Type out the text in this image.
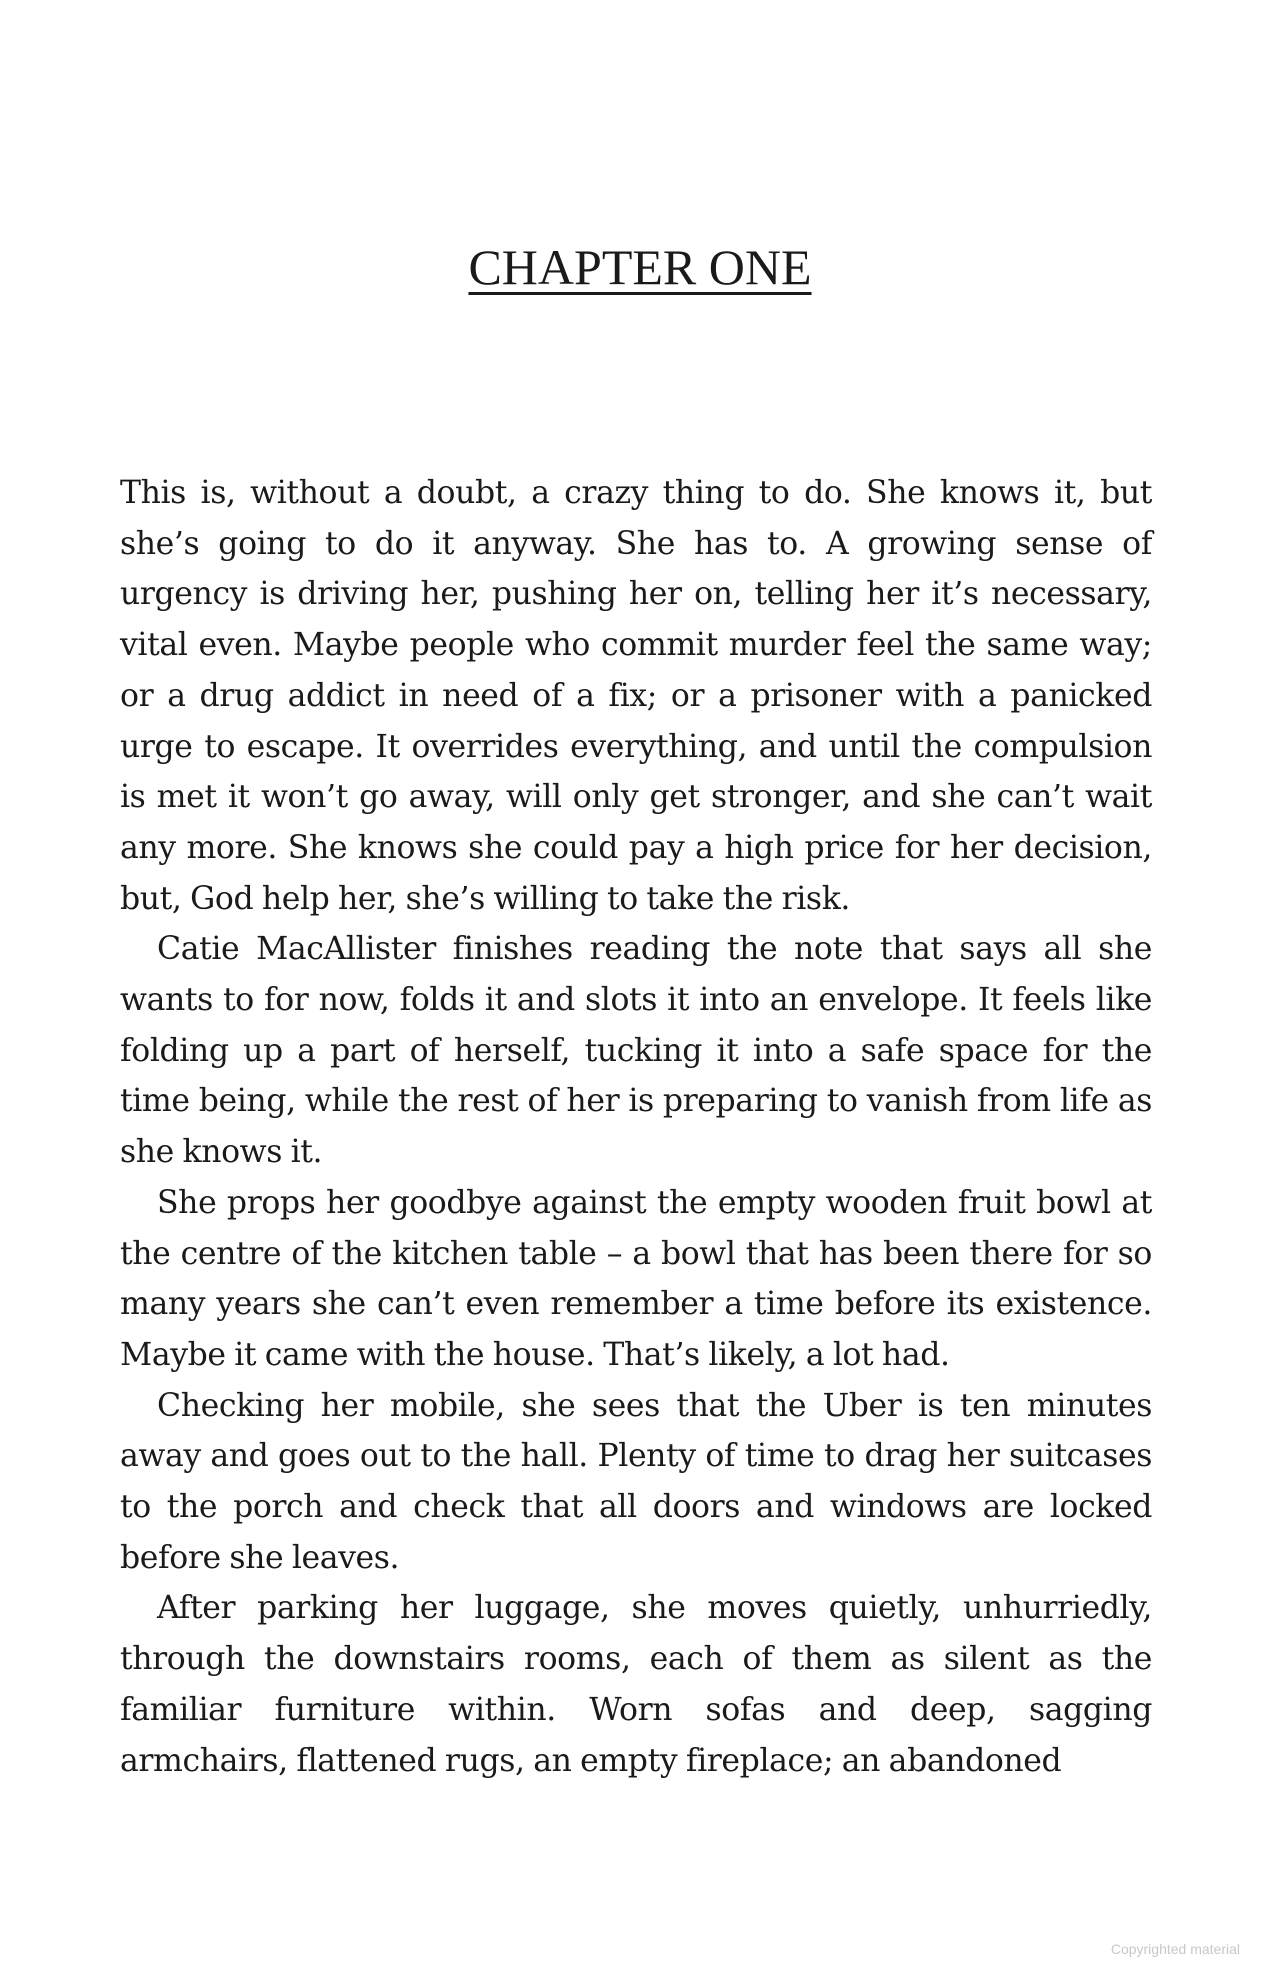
CHAPTER ONE

This is, without a doubt, a crazy thing to do. She knows it, but she’s going to do it anyway. She has to. A growing sense of urgency is driving her, pushing her on, telling her it’s necessary, vital even. Maybe people who commit murder feel the same way; or a drug addict in need of a fix; or a prisoner with a panicked urge to escape. It overrides everything, and until the compulsion is met it won’t go away, will only get stronger, and she can’t wait any more. She knows she could pay a high price for her decision, but, God help her, she’s willing to take the risk.

Catie MacAllister finishes reading the note that says all she wants to for now, folds it and slots it into an envelope. It feels like folding up a part of herself, tucking it into a safe space for the time being, while the rest of her is preparing to vanish from life as she knows it.

She props her goodbye against the empty wooden fruit bowl at the centre of the kitchen table – a bowl that has been there for so many years she can’t even remember a time before its existence. Maybe it came with the house. That’s likely, a lot had.

Checking her mobile, she sees that the Uber is ten minutes away and goes out to the hall. Plenty of time to drag her suitcases to the porch and check that all doors and windows are locked before she leaves.

After parking her luggage, she moves quietly, unhurriedly, through the downstairs rooms, each of them as silent as the familiar furniture within. Worn sofas and deep, sagging armchairs, flattened rugs, an empty fireplace; an abandoned

Copyrighted material
